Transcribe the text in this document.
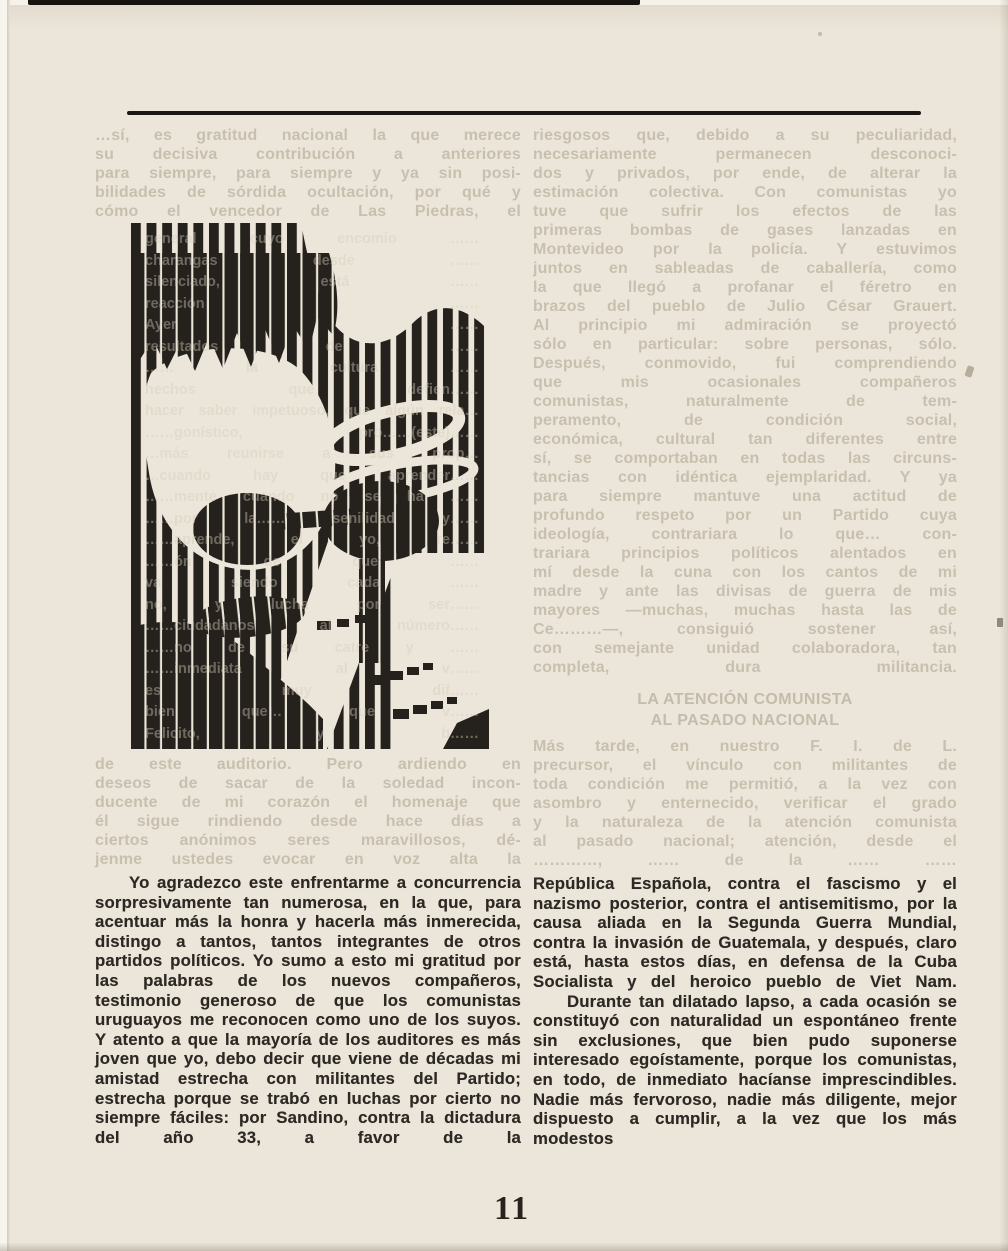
…sí, es gratitud nacional la que merece
su decisiva contribución a anteriores
para siempre, para siempre y ya sin posi-
bilidades de sórdida ocultación, por qué y
cómo el vencedor de Las Piedras, el
general cuyo encomio ……
charangas desde ……
silenciado, está ……
reacción ……
Ayer ……
resultados de ……
…… la cultura ……
hechos que defien……
hacer saber impetuoso, que algún rela…
……gonístico, pro……(este)……
…más reunirse a sus prop…
…cuando hay que aprender……
……mente cuando no se ha ……
……por la…… senilidad y……
……aprende, el yo, re……
……ón de que ……
va siendo cada ……
no, y lucha por ser……
……ciudadanos al número……
……no de su catre y ……
……inmediata al v……
es muy dif……
bien que… que v……
Felicito, y b……
de este auditorio. Pero ardiendo en
deseos de sacar de la soledad incon-
ducente de mi corazón el homenaje que
él sigue rindiendo desde hace días a
ciertos anónimos seres maravillosos, dé-
jenme ustedes evocar en voz alta la

Yo agradezco este enfrentarme a concurrencia sorpresivamente tan numerosa, en la que, para acentuar más la honra y hacerla más inmerecida, distingo a tantos, tantos integrantes de otros partidos políticos. Yo sumo a esto mi gratitud por las palabras de los nuevos compañeros, testimonio generoso de que los comunistas uruguayos me reconocen como uno de los suyos. Y atento a que la mayoría de los auditores es más joven que yo, debo decir que viene de décadas mi amistad estrecha con militantes del Partido; estrecha porque se trabó en luchas por cierto no siempre fáciles: por Sandino, contra la dictadura del año 33, a favor de la

riesgosos que, debido a su peculiaridad,
necesariamente permanecen desconoci-
dos y privados, por ende, de alterar la
estimación colectiva. Con comunistas yo
tuve que sufrir los efectos de las
primeras bombas de gases lanzadas en
Montevideo por la policía. Y estuvimos
juntos en sableadas de caballería, como
la que llegó a profanar el féretro en
brazos del pueblo de Julio César Grauert.
Al principio mi admiración se proyectó
sólo en particular: sobre personas, sólo.
Después, conmovido, fui comprendiendo
que mis ocasionales compañeros
comunistas, naturalmente de tem-
peramento, de condición social,
económica, cultural tan diferentes entre
sí, se comportaban en todas las circuns-
tancias con idéntica ejemplaridad. Y ya
para siempre mantuve una actitud de
profundo respeto por un Partido cuya
ideología, contrariara lo que… con-
trariara principios políticos alentados en
mí desde la cuna con los cantos de mi
madre y ante las divisas de guerra de mis
mayores —muchas, muchas hasta las de
Ce………—, consiguió sostener así,
con semejante unidad colaboradora, tan
completa, dura militancia.
LA ATENCIÓN COMUNISTA
AL PASADO NACIONAL
Más tarde, en nuestro F. I. de L.
precursor, el vínculo con militantes de
toda condición me permitió, a la vez con
asombro y enternecido, verificar el grado
y la naturaleza de la atención comunista
al pasado nacional; atención, desde el
…………, …… de la …… ……

República Española, contra el fascismo y el nazismo posterior, contra el antisemitismo, por la causa aliada en la Segunda Guerra Mundial, contra la invasión de Guatemala, y después, claro está, hasta estos días, en defensa de la Cuba Socialista y del heroico pueblo de Viet Nam.

Durante tan dilatado lapso, a cada ocasión se constituyó con naturalidad un espontáneo frente sin exclusiones, que bien pudo suponerse interesado egoístamente, porque los comunistas, en todo, de inmediato hacíanse imprescindibles. Nadie más fervoroso, nadie más diligente, mejor dispuesto a cumplir, a la vez que los más modestos

11
